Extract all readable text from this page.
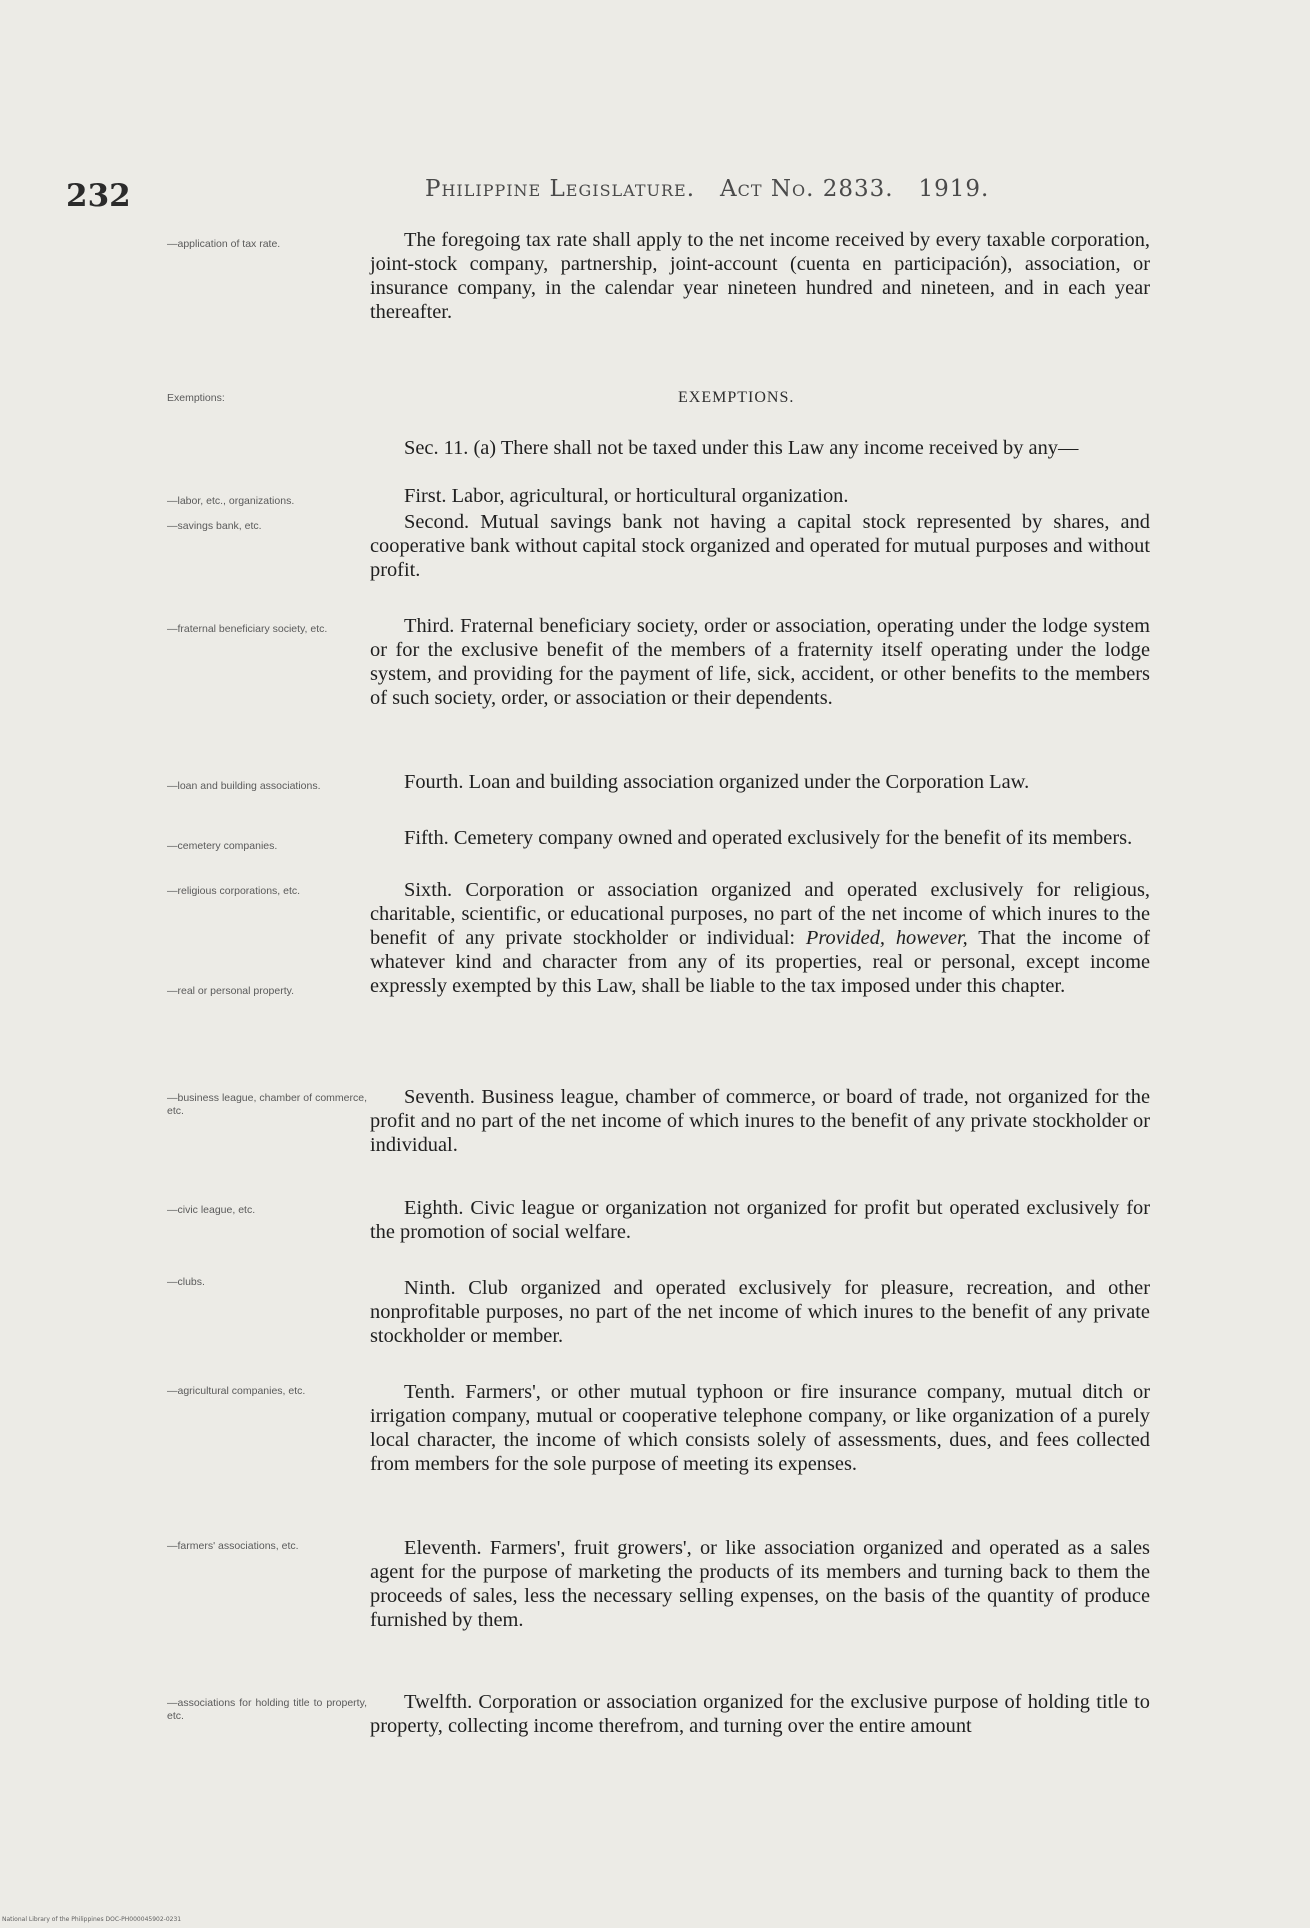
232	Philippine Legislature. Act No. 2833. 1919.
—application of tax rate.
Exemptions:
—labor, etc., organizations.
—savings bank, etc.
—fraternal beneficiary society, etc.
—loan and building associations.
—cemetery companies.
—religious corporations, etc.
—real or personal property.
—business league, chamber of commerce, etc.
—civic league, etc.
—clubs.
—agricultural companies, etc.
—farmers' associations, etc.
—associations for holding title to property, etc.
The foregoing tax rate shall apply to the net income received by every taxable corporation, joint-stock company, partnership, joint-account (cuenta en participación), association, or insurance company, in the calendar year nineteen hundred and nineteen, and in each year thereafter.
EXEMPTIONS.
Sec. 11. (a) There shall not be taxed under this Law any income received by any—
First. Labor, agricultural, or horticultural organization.
Second. Mutual savings bank not having a capital stock represented by shares, and cooperative bank without capital stock organized and operated for mutual purposes and without profit.
Third. Fraternal beneficiary society, order or association, operating under the lodge system or for the exclusive benefit of the members of a fraternity itself operating under the lodge system, and providing for the payment of life, sick, accident, or other benefits to the members of such society, order, or association or their dependents.
Fourth. Loan and building association organized under the Corporation Law.
Fifth. Cemetery company owned and operated exclusively for the benefit of its members.
Sixth. Corporation or association organized and operated exclusively for religious, charitable, scientific, or educational purposes, no part of the net income of which inures to the benefit of any private stockholder or individual: Provided, however, That the income of whatever kind and character from any of its properties, real or personal, except income expressly exempted by this Law, shall be liable to the tax imposed under this chapter.
Seventh. Business league, chamber of commerce, or board of trade, not organized for the profit and no part of the net income of which inures to the benefit of any private stockholder or individual.
Eighth. Civic league or organization not organized for profit but operated exclusively for the promotion of social welfare.
Ninth. Club organized and operated exclusively for pleasure, recreation, and other nonprofitable purposes, no part of the net income of which inures to the benefit of any private stockholder or member.
Tenth. Farmers', or other mutual typhoon or fire insurance company, mutual ditch or irrigation company, mutual or cooperative telephone company, or like organization of a purely local character, the income of which consists solely of assessments, dues, and fees collected from members for the sole purpose of meeting its expenses.
Eleventh. Farmers', fruit growers', or like association organized and operated as a sales agent for the purpose of marketing the products of its members and turning back to them the proceeds of sales, less the necessary selling expenses, on the basis of the quantity of produce furnished by them.
Twelfth. Corporation or association organized for the exclusive purpose of holding title to property, collecting income therefrom, and turning over the entire amount
National Library of the Philippines DOC-PH000045902-0231
